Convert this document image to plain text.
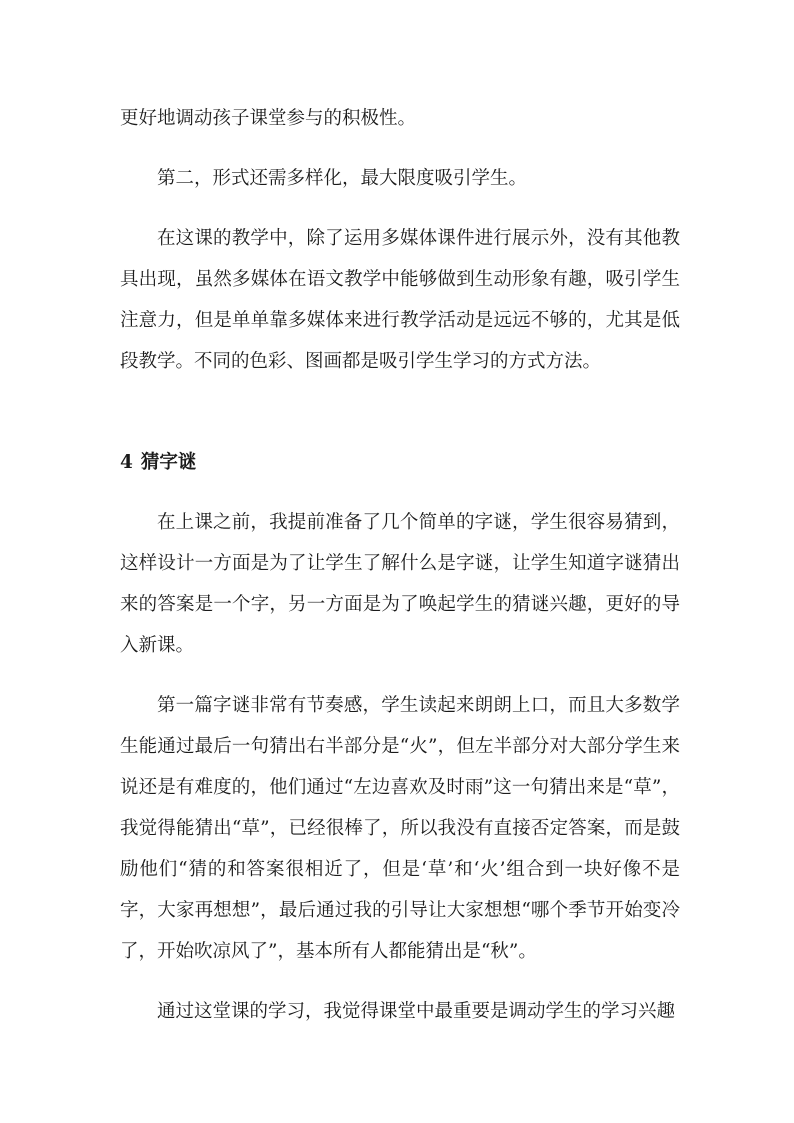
更好地调动孩子课堂参与的积极性。

第二，形式还需多样化，最大限度吸引学生。

在这课的教学中，除了运用多媒体课件进行展示外，没有其他教具出现，虽然多媒体在语文教学中能够做到生动形象有趣，吸引学生注意力，但是单单靠多媒体来进行教学活动是远远不够的，尤其是低段教学。不同的色彩、图画都是吸引学生学习的方式方法。

4 猜字谜

在上课之前，我提前准备了几个简单的字谜，学生很容易猜到，这样设计一方面是为了让学生了解什么是字谜，让学生知道字谜猜出来的答案是一个字，另一方面是为了唤起学生的猜谜兴趣，更好的导入新课。

第一篇字谜非常有节奏感，学生读起来朗朗上口，而且大多数学生能通过最后一句猜出右半部分是“火”，但左半部分对大部分学生来说还是有难度的，他们通过“左边喜欢及时雨”这一句猜出来是“草”，我觉得能猜出“草”，已经很棒了，所以我没有直接否定答案，而是鼓励他们“猜的和答案很相近了，但是‘草’和‘火’组合到一块好像不是字，大家再想想”，最后通过我的引导让大家想想“哪个季节开始变冷了，开始吹凉风了”，基本所有人都能猜出是“秋”。

通过这堂课的学习，我觉得课堂中最重要是调动学生的学习兴趣
